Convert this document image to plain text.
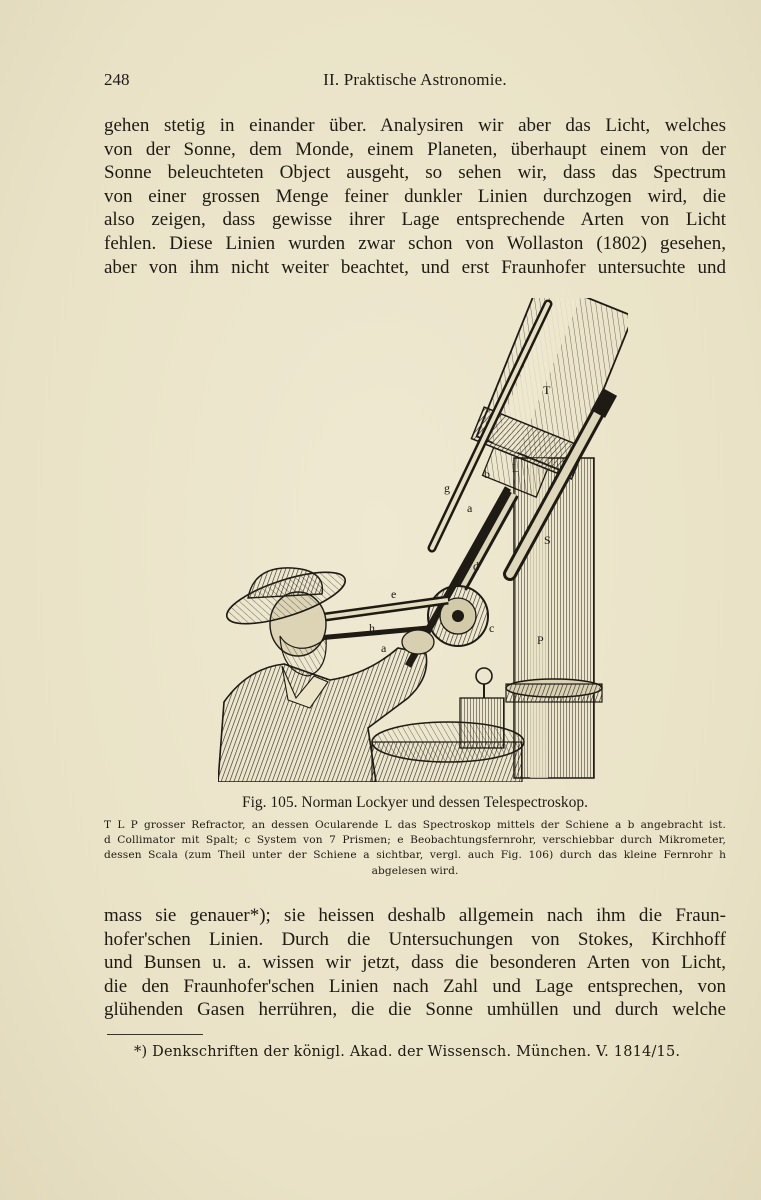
248	II. Praktische Astronomie.
gehen stetig in einander über. Analysiren wir aber das Licht, welches
von der Sonne, dem Monde, einem Planeten, überhaupt einem von der
Sonne beleuchteten Object ausgeht, so sehen wir, dass das Spectrum
von einer grossen Menge feiner dunkler Linien durchzogen wird, die
also zeigen, dass gewisse ihrer Lage entsprechende Arten von Licht
fehlen. Diese Linien wurden zwar schon von Wollaston (1802) gesehen,
aber von ihm nicht weiter beachtet, und erst Fraunhofer untersuchte und
T
L
g
a
b
d
e
S
h
a
c
P
Fig. 105. Norman Lockyer und dessen Telespectroskop.
T L P grosser Refractor, an dessen Ocularende L das Spectroskop mittels der Schiene a b angebracht ist.
d Collimator mit Spalt; c System von 7 Prismen; e Beobachtungsfernrohr, verschiebbar durch Mikrometer,
dessen Scala (zum Theil unter der Schiene a sichtbar, vergl. auch Fig. 106) durch das kleine Fernrohr h
abgelesen wird.
mass sie genauer*); sie heissen deshalb allgemein nach ihm die Fraun-
hofer'schen Linien. Durch die Untersuchungen von Stokes, Kirchhoff
und Bunsen u. a. wissen wir jetzt, dass die besonderen Arten von Licht,
die den Fraunhofer'schen Linien nach Zahl und Lage entsprechen, von
glühenden Gasen herrühren, die die Sonne umhüllen und durch welche
*) Denkschriften der königl. Akad. der Wissensch. München. V. 1814/15.
